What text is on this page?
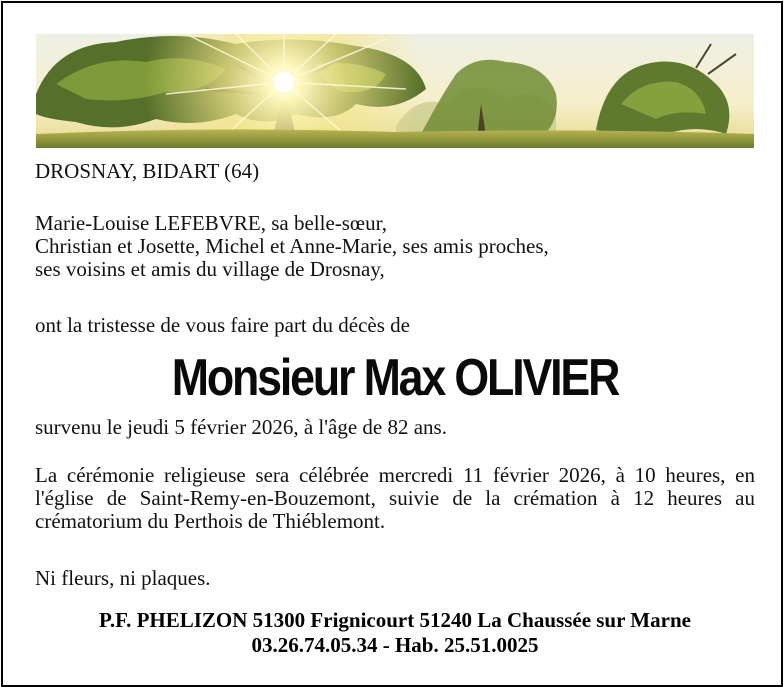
DROSNAY, BIDART (64)
Marie-Louise LEFEBVRE, sa belle-sœur,
Christian et Josette, Michel et Anne-Marie, ses amis proches,
ses voisins et amis du village de Drosnay,
ont la tristesse de vous faire part du décès de
Monsieur Max OLIVIER
survenu le jeudi 5 février 2026, à l'âge de 82 ans.
La cérémonie religieuse sera célébrée mercredi 11 février 2026, à 10 heures, en l'église de Saint-Remy-en-Bouzemont, suivie de la crémation à 12 heures au crématorium du Perthois de Thiéblemont.
Ni fleurs, ni plaques.
P.F. PHELIZON 51300 Frignicourt 51240 La Chaussée sur Marne 03.26.74.05.34 - Hab. 25.51.0025
